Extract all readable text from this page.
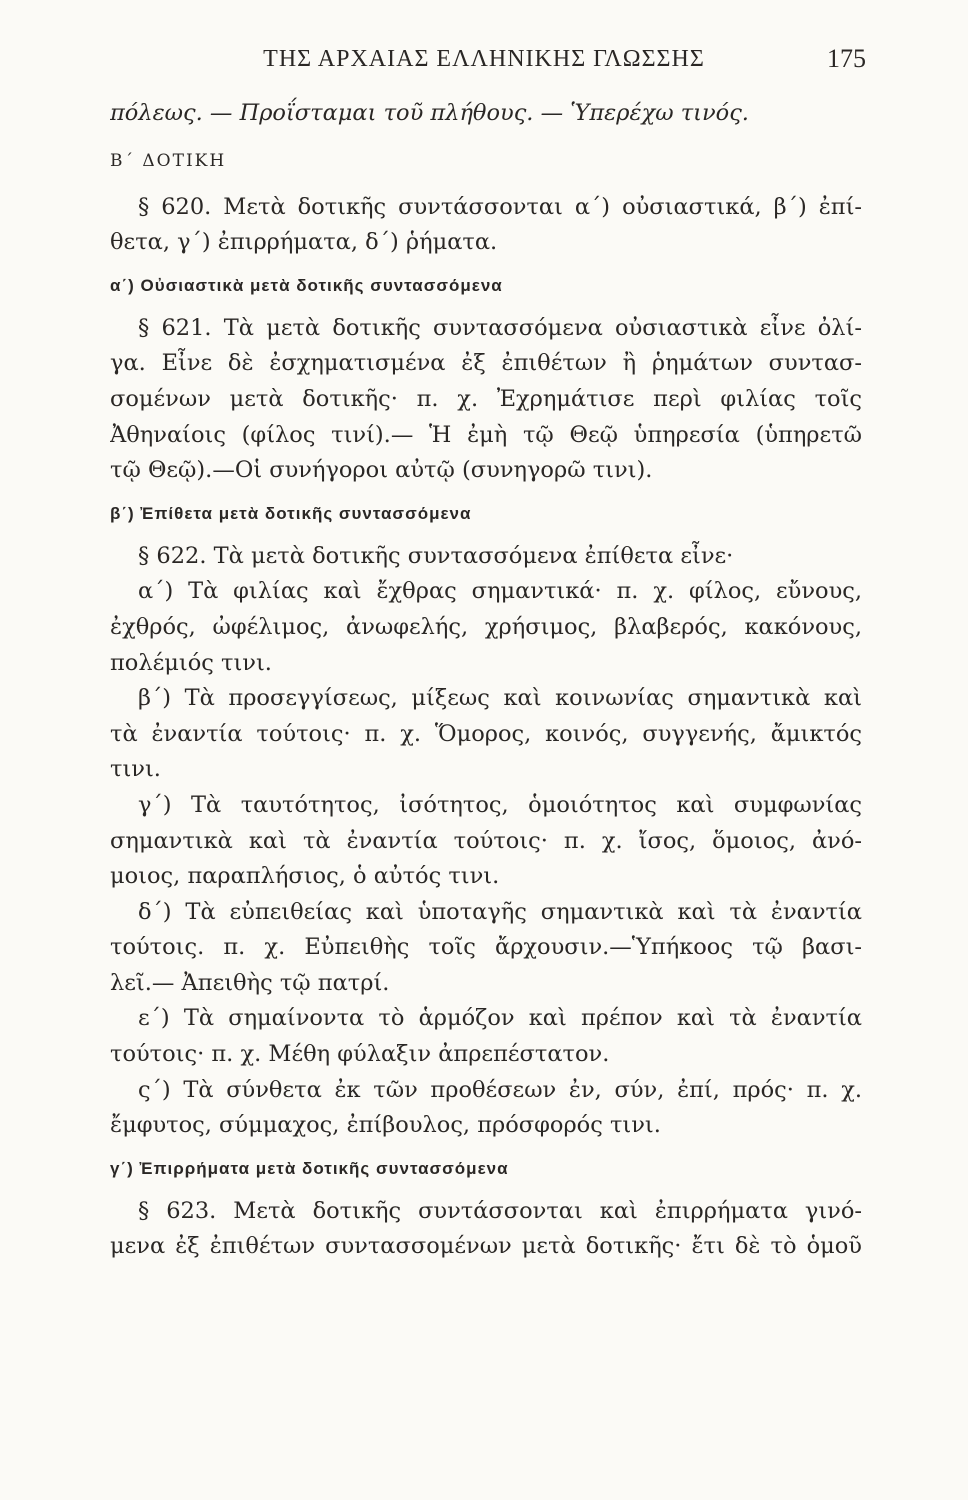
ΤΗΣ ΑΡΧΑΙΑΣ ΕΛΛΗΝΙΚΗΣ ΓΛΩΣΣΗΣ	175
πόλεως. — Προΐσταμαι τοῦ πλήθους. — Ὑπερέχω τινός.
Β΄ ΔΟΤΙΚΗ
§ 620. Μετὰ δοτικῆς συντάσσονται α΄) οὐσιαστικά, β΄) ἐπί-
θετα, γ΄) ἐπιρρήματα, δ΄) ῥήματα.
α΄) Οὐσιαστικὰ μετὰ δοτικῆς συντασσόμενα
§ 621. Τὰ μετὰ δοτικῆς συντασσόμενα οὐσιαστικὰ εἶνε ὀλί-
γα. Εἶνε δὲ ἐσχηματισμένα ἐξ ἐπιθέτων ἢ ῥημάτων συντασ-
σομένων μετὰ δοτικῆς· π. χ. Ἐχρημάτισε περὶ φιλίας τοῖς
Ἀθηναίοις (φίλος τινί).— Ἡ ἐμὴ τῷ Θεῷ ὑπηρεσία (ὑπηρετῶ
τῷ Θεῷ).—Οἱ συνήγοροι αὐτῷ (συνηγορῶ τινι).
β΄) Ἐπίθετα μετὰ δοτικῆς συντασσόμενα
§ 622. Τὰ μετὰ δοτικῆς συντασσόμενα ἐπίθετα εἶνε·
α΄) Τὰ φιλίας καὶ ἔχθρας σημαντικά· π. χ. φίλος, εὔνους,
ἐχθρός, ὠφέλιμος, ἀνωφελής, χρήσιμος, βλαβερός, κακόνους,
πολέμιός τινι.
β΄) Τὰ προσεγγίσεως, μίξεως καὶ κοινωνίας σημαντικὰ καὶ
τὰ ἐναντία τούτοις· π. χ. Ὅμορος, κοινός, συγγενής, ἄμικτός
τινι.
γ΄) Τὰ ταυτότητος, ἰσότητος, ὁμοιότητος καὶ συμφωνίας
σημαντικὰ καὶ τὰ ἐναντία τούτοις· π. χ. ἴσος, ὅμοιος, ἀνό-
μοιος, παραπλήσιος, ὁ αὐτός τινι.
δ΄) Τὰ εὐπειθείας καὶ ὑποταγῆς σημαντικὰ καὶ τὰ ἐναντία
τούτοις. π. χ. Εὐπειθὴς τοῖς ἄρχουσιν.—Ὑπήκοος τῷ βασι-
λεῖ.— Ἀπειθὴς τῷ πατρί.
ε΄) Τὰ σημαίνοντα τὸ ἁρμόζον καὶ πρέπον καὶ τὰ ἐναντία
τούτοις· π. χ. Μέθη φύλαξιν ἀπρεπέστατον.
ς΄) Τὰ σύνθετα ἐκ τῶν προθέσεων ἐν, σύν, ἐπί, πρός· π. χ.
ἔμφυτος, σύμμαχος, ἐπίβουλος, πρόσφορός τινι.
γ΄) Ἐπιρρήματα μετὰ δοτικῆς συντασσόμενα
§ 623. Μετὰ δοτικῆς συντάσσονται καὶ ἐπιρρήματα γινό-
μενα ἐξ ἐπιθέτων συντασσομένων μετὰ δοτικῆς· ἔτι δὲ τὸ ὁμοῦ
